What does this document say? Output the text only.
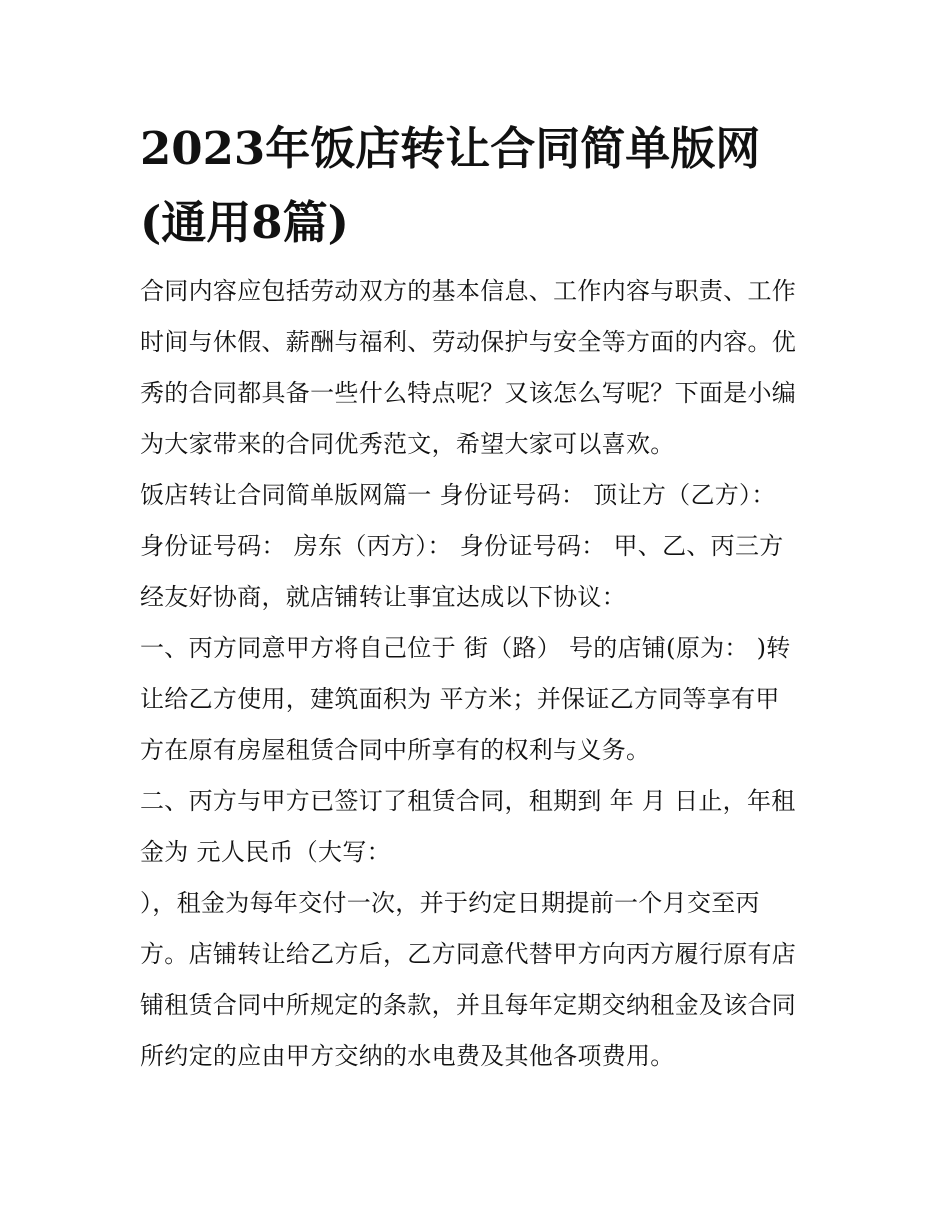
2023年饭店转让合同简单版网
(通用8篇)

合同内容应包括劳动双方的基本信息、工作内容与职责、工作
时间与休假、薪酬与福利、劳动保护与安全等方面的内容。优
秀的合同都具备一些什么特点呢？又该怎么写呢？下面是小编
为大家带来的合同优秀范文，希望大家可以喜欢。

饭店转让合同简单版网篇一 身份证号码： 顶让方（乙方）：
身份证号码： 房东（丙方）： 身份证号码： 甲、乙、丙三方
经友好协商，就店铺转让事宜达成以下协议：

一、丙方同意甲方将自己位于 街（路） 号的店铺(原为： )转
让给乙方使用，建筑面积为 平方米；并保证乙方同等享有甲
方在原有房屋租赁合同中所享有的权利与义务。

二、丙方与甲方已签订了租赁合同，租期到 年 月 日止，年租
金为 元人民币（大写：
），租金为每年交付一次，并于约定日期提前一个月交至丙
方。店铺转让给乙方后，乙方同意代替甲方向丙方履行原有店
铺租赁合同中所规定的条款，并且每年定期交纳租金及该合同
所约定的应由甲方交纳的水电费及其他各项费用。
